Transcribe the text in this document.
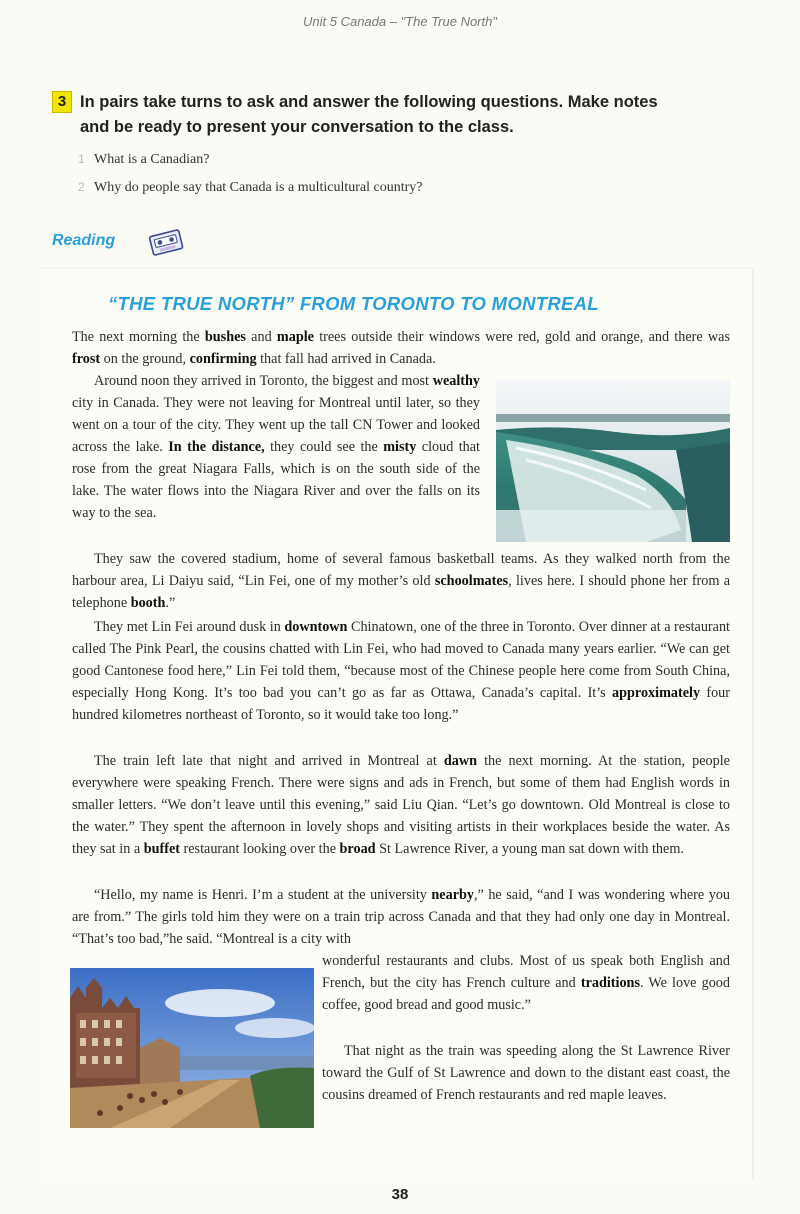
Unit 5 Canada – "The True North"
3 In pairs take turns to ask and answer the following questions. Make notes
and be ready to present your conversation to the class.
1 What is a Canadian?
2 Why do people say that Canada is a multicultural country?
Reading
“THE TRUE NORTH” FROM TORONTO TO MONTREAL

The next morning the bushes and maple trees outside their windows were red, gold and orange, and there was frost on the ground, confirming that fall had arrived in Canada.

Around noon they arrived in Toronto, the biggest and most wealthy city in Canada. They were not leaving for Montreal until later, so they went on a tour of the city. They went up the tall CN Tower and looked across the lake. In the distance, they could see the misty cloud that rose from the great Niagara Falls, which is on the south side of the lake. The water flows into the Niagara River and over the falls on its way to the sea.

They saw the covered stadium, home of several famous basketball teams. As they walked north from the harbour area, Li Daiyu said, “Lin Fei, one of my mother’s old schoolmates, lives here. I should phone her from a telephone booth.”

They met Lin Fei around dusk in downtown Chinatown, one of the three in Toronto. Over dinner at a restaurant called The Pink Pearl, the cousins chatted with Lin Fei, who had moved to Canada many years earlier. “We can get good Cantonese food here,” Lin Fei told them, “because most of the Chinese people here come from South China, especially Hong Kong. It’s too bad you can’t go as far as Ottawa, Canada’s capital. It’s approximately four hundred kilometres northeast of Toronto, so it would take too long.”

The train left late that night and arrived in Montreal at dawn the next morning. At the station, people everywhere were speaking French. There were signs and ads in French, but some of them had English words in smaller letters. “We don’t leave until this evening,” said Liu Qian. “Let’s go downtown. Old Montreal is close to the water.” They spent the afternoon in lovely shops and visiting artists in their workplaces beside the water. As they sat in a buffet restaurant looking over the broad St Lawrence River, a young man sat down with them.

“Hello, my name is Henri. I’m a student at the university nearby,” he said, “and I was wondering where you are from.” The girls told him they were on a train trip across Canada and that they had only one day in Montreal. “That’s too bad,”he said. “Montreal is a city with

wonderful restaurants and clubs. Most of us speak both English and French, but the city has French culture and traditions. We love good coffee, good bread and good music.”

That night as the train was speeding along the St Lawrence River toward the Gulf of St Lawrence and down to the distant east coast, the cousins dreamed of French restaurants and red maple leaves.

38
